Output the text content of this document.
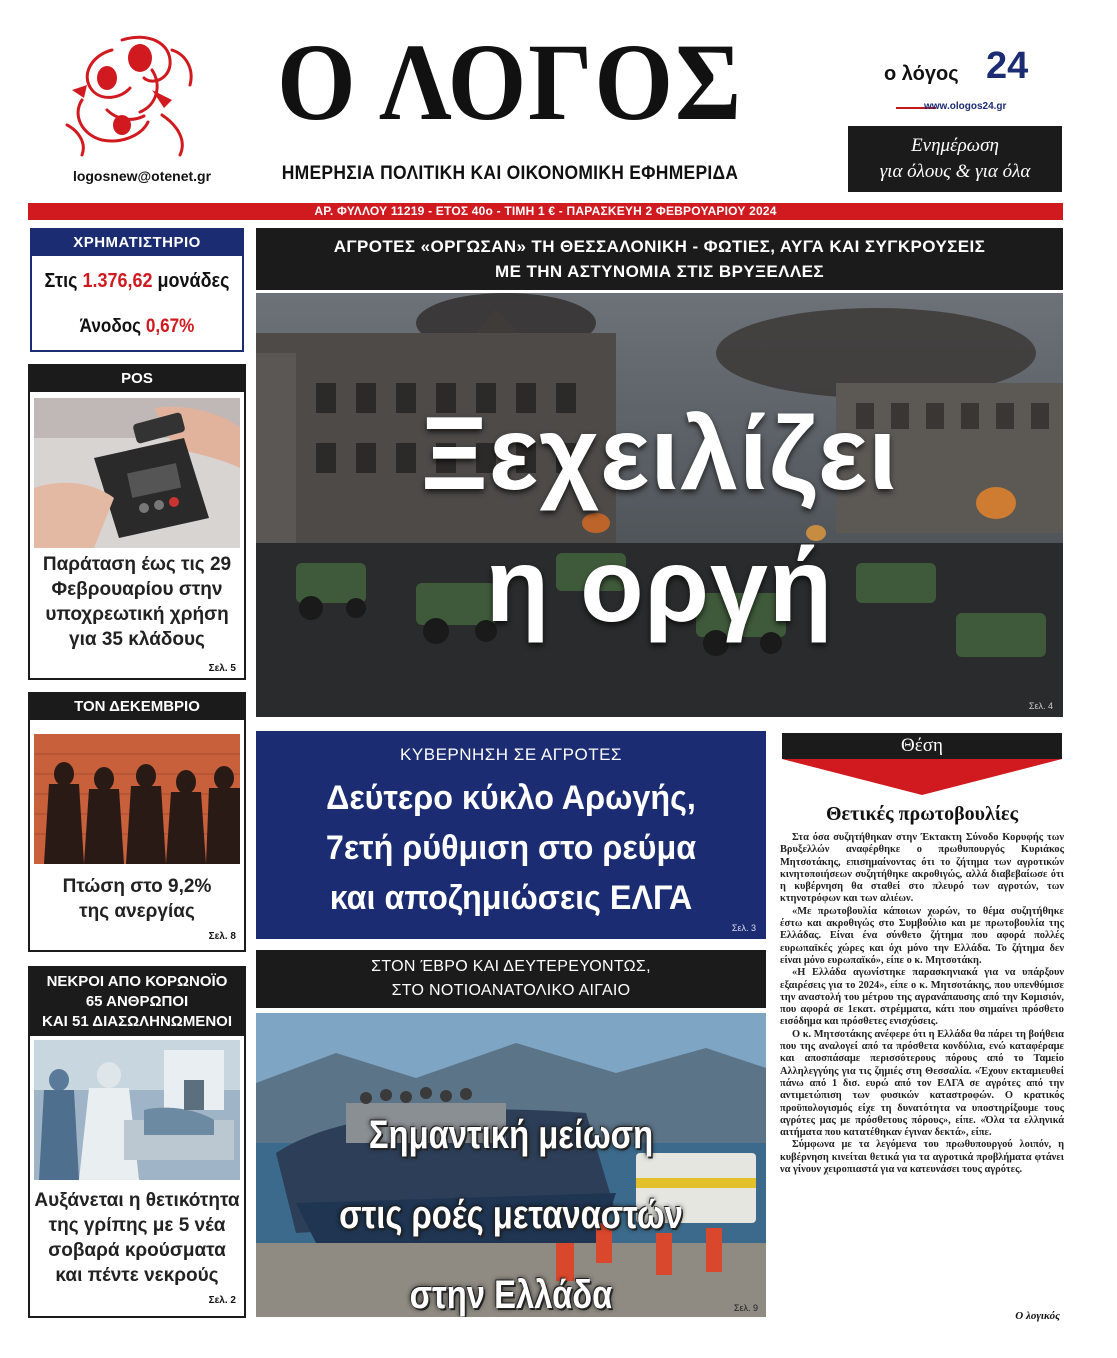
logosnew@otenet.gr
Ο ΛΟΓΟΣ
ΗΜΕΡΗΣΙΑ ΠΟΛΙΤΙΚΗ ΚΑΙ ΟΙΚΟΝΟΜΙΚΗ ΕΦΗΜΕΡΙΔΑ
ο λόγος 24
www.ologos24.gr
Ενημέρωση
για όλους & για όλα
ΑΡ. ΦΥΛΛΟΥ 11219 - ΕΤΟΣ 40ο - ΤΙΜΗ 1 € - ΠΑΡΑΣΚΕΥΗ 2 ΦΕΒΡΟΥΑΡΙΟΥ 2024
ΧΡΗΜΑΤΙΣΤΗΡΙΟ
Στις 1.376,62 μονάδες
Άνοδος 0,67%
POS
Παράταση έως τις 29
Φεβρουαρίου στην
υποχρεωτική χρήση
για 35 κλάδους
Σελ. 5
ΤΟΝ ΔΕΚΕΜΒΡΙΟ
Πτώση στο 9,2%
της ανεργίας
Σελ. 8
ΝΕΚΡΟΙ ΑΠΟ ΚΟΡΩΝΟΪΟ
65 ΑΝΘΡΩΠΟΙ
ΚΑΙ 51 ΔΙΑΣΩΛΗΝΩΜΕΝΟΙ
Αυξάνεται η θετικότητα
της γρίπης με 5 νέα
σοβαρά κρούσματα
και πέντε νεκρούς
Σελ. 2
ΑΓΡΟΤΕΣ «ΟΡΓΩΣΑΝ» ΤΗ ΘΕΣΣΑΛΟΝΙΚΗ - ΦΩΤΙΕΣ, ΑΥΓΑ ΚΑΙ ΣΥΓΚΡΟΥΣΕΙΣ
ΜΕ ΤΗΝ ΑΣΤΥΝΟΜΙΑ ΣΤΙΣ ΒΡΥΞΕΛΛΕΣ
Ξεχειλίζει
η οργή
Σελ. 4
ΚΥΒΕΡΝΗΣΗ ΣΕ ΑΓΡΟΤΕΣ
Δεύτερο κύκλο Αρωγής,
7ετή ρύθμιση στο ρεύμα
και αποζημιώσεις ΕΛΓΑ
Σελ. 3
ΣΤΟΝ ΈΒΡΟ ΚΑΙ ΔΕΥΤΕΡΕΥΟΝΤΩΣ,
ΣΤΟ ΝΟΤΙΟΑΝΑΤΟΛΙΚΟ ΑΙΓΑΙΟ
Σημαντική μείωση
στις ροές μεταναστών στην Ελλάδα	Σελ. 9
Θέση
Θετικές πρωτοβουλίες

Στα όσα συζητήθηκαν στην Έκτακτη Σύνοδο Κορυφής των Βρυξελλών αναφέρθηκε ο πρωθυπουργός Κυριάκος Μητσοτάκης, επισημαίνοντας ότι το ζήτημα των αγροτικών κινητοποιήσεων συζητήθηκε ακροθιγώς, αλλά διαβεβαίωσε ότι η κυβέρνηση θα σταθεί στο πλευρό των αγροτών, των κτηνοτρόφων και των αλιέων.

«Με πρωτοβουλία κάποιων χωρών, το θέμα συζητήθηκε έστω και ακροθιγώς στο Συμβούλιο και με πρωτοβουλία της Ελλάδας. Είναι ένα σύνθετο ζήτημα που αφορά πολλές ευρωπαϊκές χώρες και όχι μόνο την Ελλάδα. Το ζήτημα δεν είναι μόνο ευρωπαϊκό», είπε ο κ. Μητσοτάκη.

«Η Ελλάδα αγωνίστηκε παρασκηνιακά για να υπάρξουν εξαιρέσεις για το 2024», είπε ο κ. Μητσοτάκης, που υπενθύμισε την αναστολή του μέτρου της αγρανάπαυσης από την Κομισιόν, που αφορά σε 1εκατ. στρέμματα, κάτι που σημαίνει πρόσθετο εισόδημα και πρόσθετες ενισχύσεις.

Ο κ. Μητσοτάκης ανέφερε ότι η Ελλάδα θα πάρει τη βοήθεια που της αναλογεί από τα πρόσθετα κονδύλια, ενώ καταφέραμε και αποσπάσαμε περισσότερους πόρους από το Ταμείο Αλληλεγγύης για τις ζημιές στη Θεσσαλία. «Έχουν εκταμιευθεί πάνω από 1 δισ. ευρώ από τον ΕΛΓΑ σε αγρότες από την αντιμετώπιση των φυσικών καταστροφών. Ο κρατικός προϋπολογισμός είχε τη δυνατότητα να υποστηρίξουμε τους αγρότες μας με πρόσθετους πόρους», είπε. «Όλα τα ελληνικά αιτήματα που κατατέθηκαν έγιναν δεκτά», είπε.

Σύμφωνα με τα λεγόμενα του πρωθυπουργού λοιπόν, η κυβέρνηση κινείται θετικά για τα αγροτικά προβλήματα φτάνει να γίνουν χειροπιαστά για να κατευνάσει τους αγρότες.

Ο λογικός
